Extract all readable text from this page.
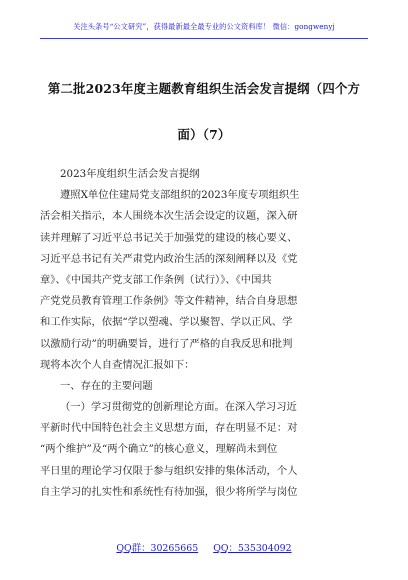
关注头条号“公文研究”，获得最新最全最专业的公文资料库！ 微信：gongwenyj
第二批2023年度主题教育组织生活会发言提纲（四个方
面）（7）
2023年度组织生活会发言提纲
遵照X单位住建局党支部组织的2023年度专项组织生
活会相关指示，本人围绕本次生活会设定的议题，深入研
读并理解了习近平总书记关于加强党的建设的核心要义、
习近平总书记有关严肃党内政治生活的深刻阐释以及《党
章》、《中国共产党支部工作条例（试行）》、《中国共
产党党员教育管理工作条例》等文件精神，结合自身思想
和工作实际，依据“学以塑魂、学以聚智、学以正风、学
以激励行动”的明确要旨，进行了严格的自我反思和批判
现将本次个人自查情况汇报如下：
一、存在的主要问题
（一）学习贯彻党的创新理论方面。在深入学习习近
平新时代中国特色社会主义思想方面，存在明显不足：对
“两个维护”及“两个确立”的核心意义，理解尚未到位
平日里的理论学习仅限于参与组织安排的集体活动，个人
自主学习的扎实性和系统性有待加强，很少将所学与岗位
QQ群：30265665 QQ：535304092
